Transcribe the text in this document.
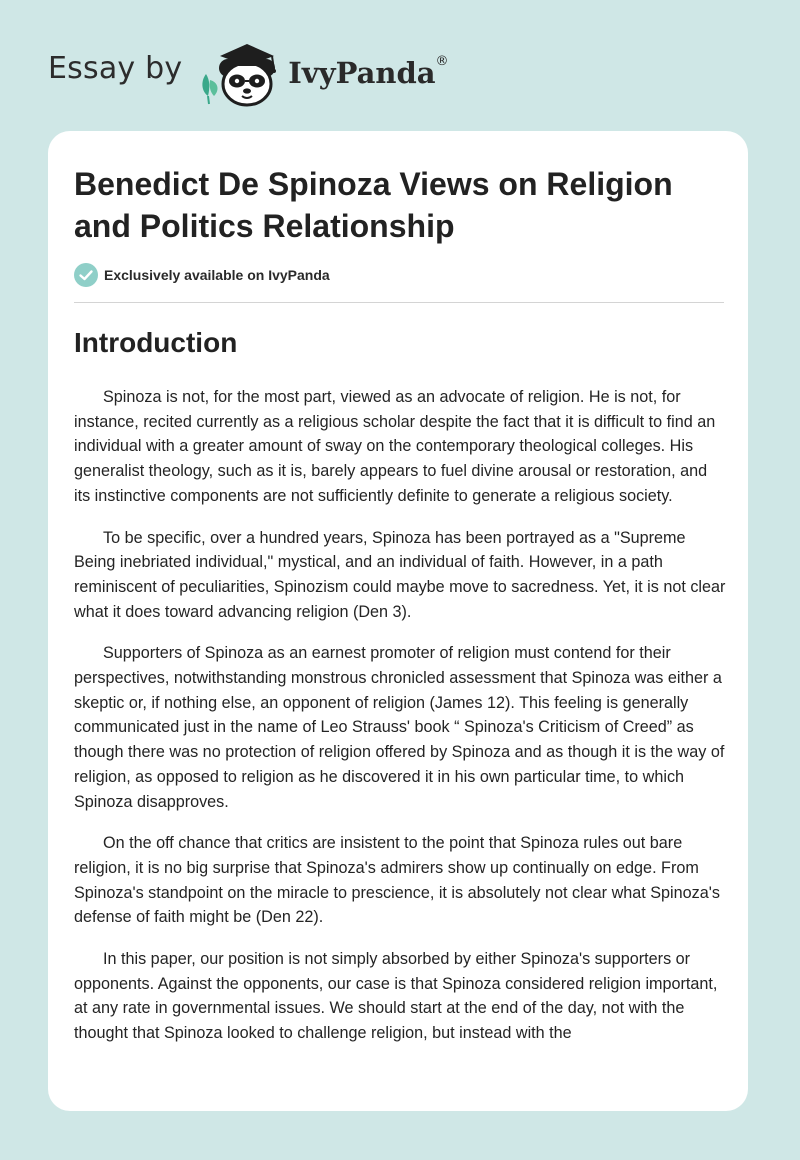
Essay by	IvyPanda®
Benedict De Spinoza Views on Religion and Politics Relationship
Exclusively available on IvyPanda
Introduction

Spinoza is not, for the most part, viewed as an advocate of religion. He is not, for instance, recited currently as a religious scholar despite the fact that it is difficult to find an individual with a greater amount of sway on the contemporary theological colleges. His generalist theology, such as it is, barely appears to fuel divine arousal or restoration, and its instinctive components are not sufficiently definite to generate a religious society.

To be specific, over a hundred years, Spinoza has been portrayed as a "Supreme Being inebriated individual," mystical, and an individual of faith. However, in a path reminiscent of peculiarities, Spinozism could maybe move to sacredness. Yet, it is not clear what it does toward advancing religion (Den 3).

Supporters of Spinoza as an earnest promoter of religion must contend for their perspectives, notwithstanding monstrous chronicled assessment that Spinoza was either a skeptic or, if nothing else, an opponent of religion (James 12). This feeling is generally communicated just in the name of Leo Strauss' book “ Spinoza's Criticism of Creed” as though there was no protection of religion offered by Spinoza and as though it is the way of religion, as opposed to religion as he discovered it in his own particular time, to which Spinoza disapproves.

On the off chance that critics are insistent to the point that Spinoza rules out bare religion, it is no big surprise that Spinoza's admirers show up continually on edge. From Spinoza's standpoint on the miracle to prescience, it is absolutely not clear what Spinoza's defense of faith might be (Den 22).

In this paper, our position is not simply absorbed by either Spinoza's supporters or opponents. Against the opponents, our case is that Spinoza considered religion important, at any rate in governmental issues. We should start at the end of the day, not with the thought that Spinoza looked to challenge religion, but instead with the
